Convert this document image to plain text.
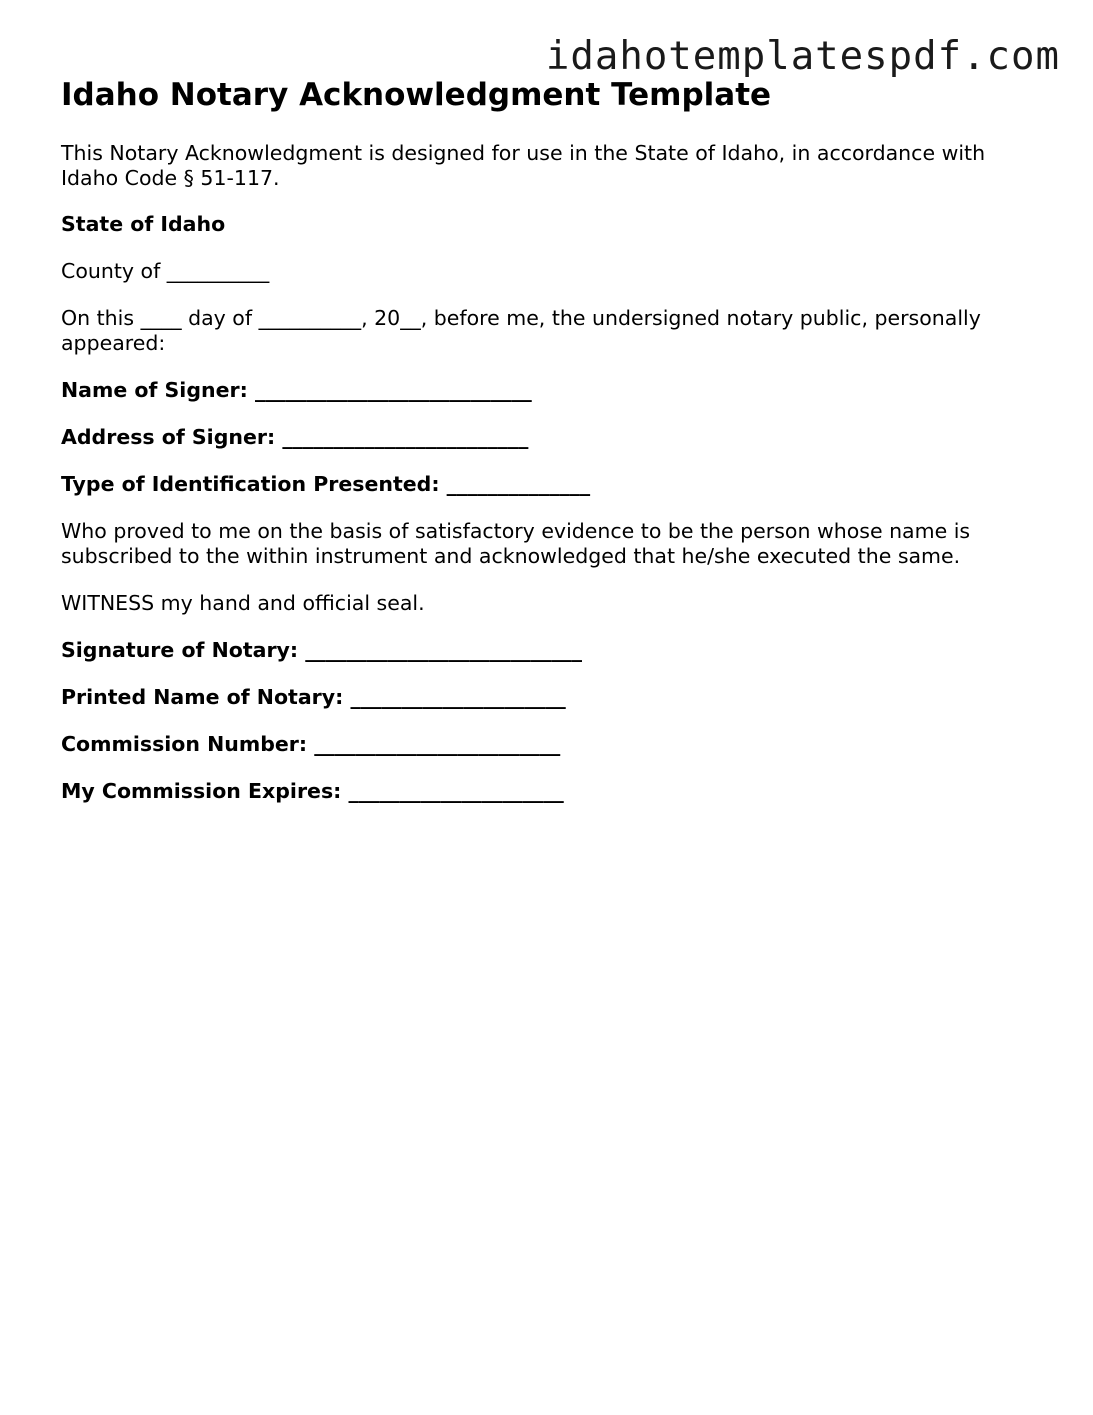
idahotemplatespdf.com
Idaho Notary Acknowledgment Template

This Notary Acknowledgment is designed for use in the State of Idaho, in accordance with Idaho Code § 51-117.

State of Idaho

County of __________

On this ____ day of __________, 20__, before me, the undersigned notary public, personally appeared:

Name of Signer: ___________________________

Address of Signer: ________________________

Type of Identification Presented: ______________

Who proved to me on the basis of satisfactory evidence to be the person whose name is subscribed to the within instrument and acknowledged that he/she executed the same.

WITNESS my hand and official seal.

Signature of Notary: ___________________________

Printed Name of Notary: _____________________

Commission Number: ________________________

My Commission Expires: _____________________
